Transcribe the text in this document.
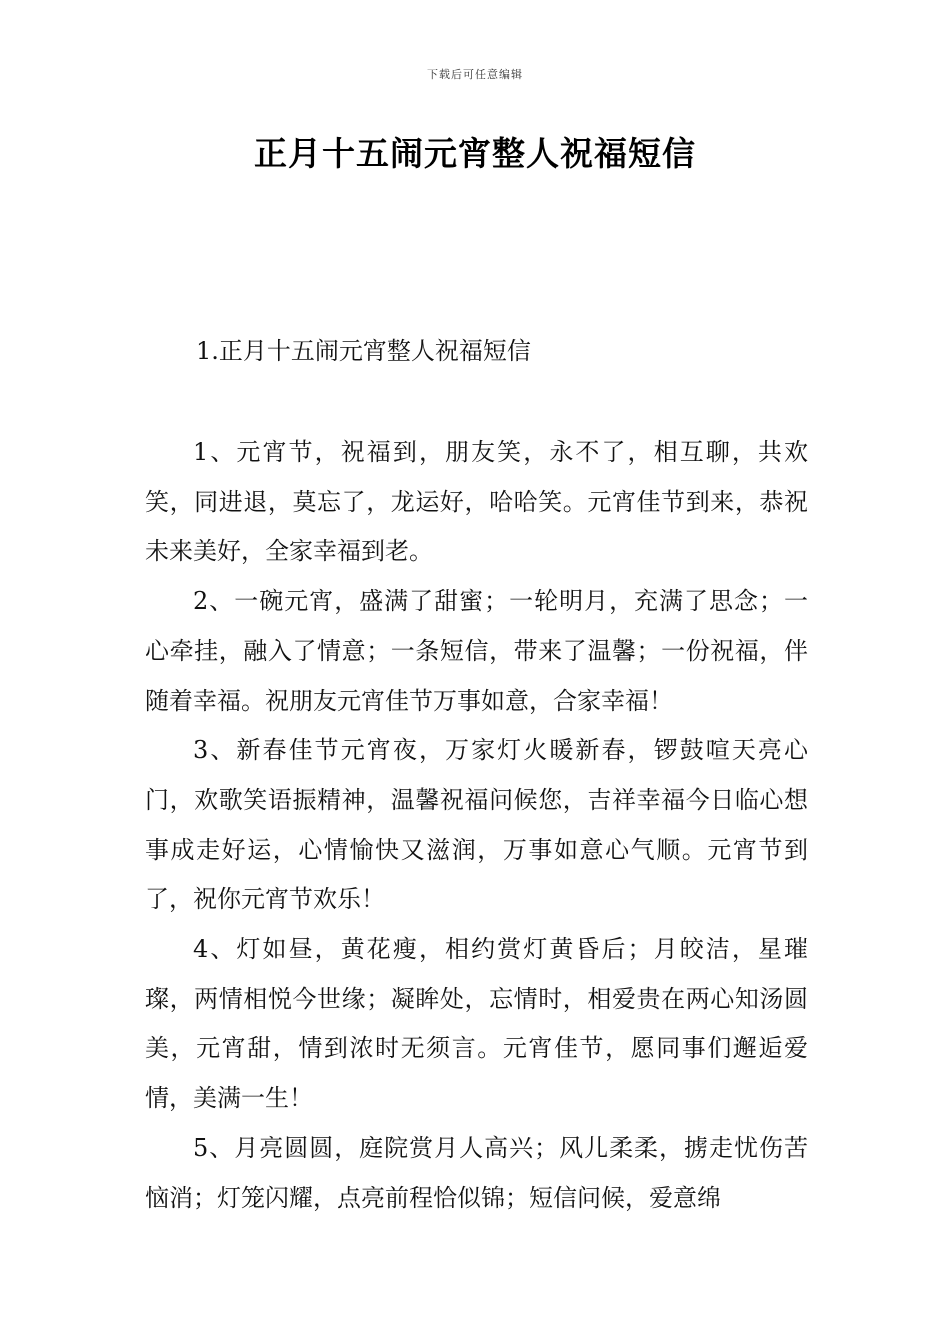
下载后可任意编辑
正月十五闹元宵整人祝福短信
1.正月十五闹元宵整人祝福短信

1、元宵节，祝福到，朋友笑，永不了，相互聊，共欢笑，同进退，莫忘了，龙运好，哈哈笑。元宵佳节到来，恭祝未来美好，全家幸福到老。

2、一碗元宵，盛满了甜蜜；一轮明月，充满了思念；一心牵挂，融入了情意；一条短信，带来了温馨；一份祝福，伴随着幸福。祝朋友元宵佳节万事如意，合家幸福！

3、新春佳节元宵夜，万家灯火暖新春，锣鼓喧天亮心门，欢歌笑语振精神，温馨祝福问候您，吉祥幸福今日临心想事成走好运，心情愉快又滋润，万事如意心气顺。元宵节到了，祝你元宵节欢乐！

4、灯如昼，黄花瘦，相约赏灯黄昏后；月皎洁，星璀璨，两情相悦今世缘；凝眸处，忘情时，相爱贵在两心知汤圆美，元宵甜，情到浓时无须言。元宵佳节，愿同事们邂逅爱情，美满一生！

5、月亮圆圆，庭院赏月人高兴；风儿柔柔，掳走忧伤苦恼消；灯笼闪耀，点亮前程恰似锦；短信问候，爱意绵
